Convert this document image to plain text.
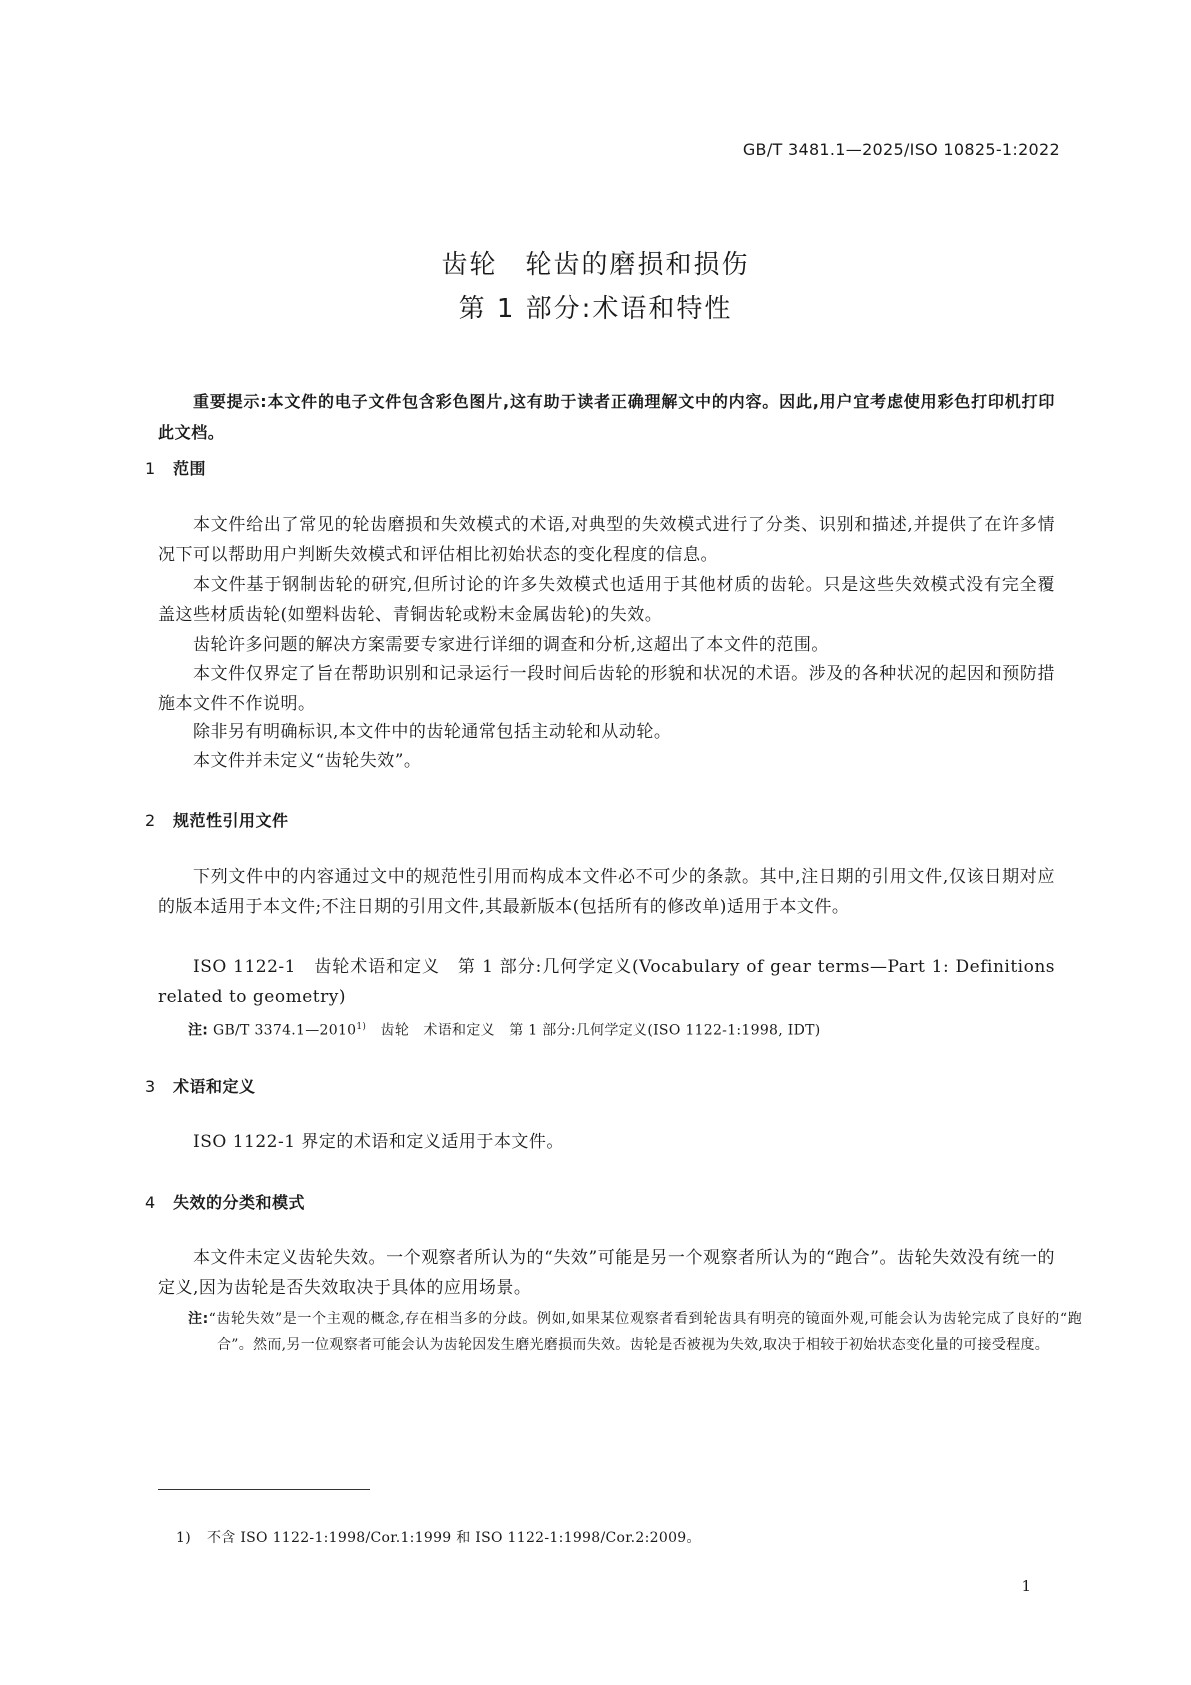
GB/T 3481.1—2025/ISO 10825-1:2022
齿轮　轮齿的磨损和损伤
第 1 部分:术语和特性
重要提示:本文件的电子文件包含彩色图片,这有助于读者正确理解文中的内容。因此,用户宜考虑使用彩色打印机打印此文档。
1 范围
本文件给出了常见的轮齿磨损和失效模式的术语,对典型的失效模式进行了分类、识别和描述,并提供了在许多情况下可以帮助用户判断失效模式和评估相比初始状态的变化程度的信息。
本文件基于钢制齿轮的研究,但所讨论的许多失效模式也适用于其他材质的齿轮。只是这些失效模式没有完全覆盖这些材质齿轮(如塑料齿轮、青铜齿轮或粉末金属齿轮)的失效。
齿轮许多问题的解决方案需要专家进行详细的调查和分析,这超出了本文件的范围。
本文件仅界定了旨在帮助识别和记录运行一段时间后齿轮的形貌和状况的术语。涉及的各种状况的起因和预防措施本文件不作说明。
除非另有明确标识,本文件中的齿轮通常包括主动轮和从动轮。
本文件并未定义“齿轮失效”。
2 规范性引用文件
下列文件中的内容通过文中的规范性引用而构成本文件必不可少的条款。其中,注日期的引用文件,仅该日期对应的版本适用于本文件;不注日期的引用文件,其最新版本(包括所有的修改单)适用于本文件。
ISO 1122-1　齿轮术语和定义　第 1 部分:几何学定义(Vocabulary of gear terms—Part 1: Definitions related to geometry)
注: GB/T 3374.1—2010$^{1)}$　齿轮　术语和定义　第 1 部分:几何学定义(ISO 1122-1:1998, IDT)
3 术语和定义
ISO 1122-1 界定的术语和定义适用于本文件。
4 失效的分类和模式
本文件未定义齿轮失效。一个观察者所认为的“失效”可能是另一个观察者所认为的“跑合”。齿轮失效没有统一的定义,因为齿轮是否失效取决于具体的应用场景。
注:“齿轮失效”是一个主观的概念,存在相当多的分歧。例如,如果某位观察者看到轮齿具有明亮的镜面外观,可能会认为齿轮完成了良好的“跑合”。然而,另一位观察者可能会认为齿轮因发生磨光磨损而失效。齿轮是否被视为失效,取决于相较于初始状态变化量的可接受程度。
1) 不含 ISO 1122-1:1998/Cor.1:1999 和 ISO 1122-1:1998/Cor.2:2009。
1
